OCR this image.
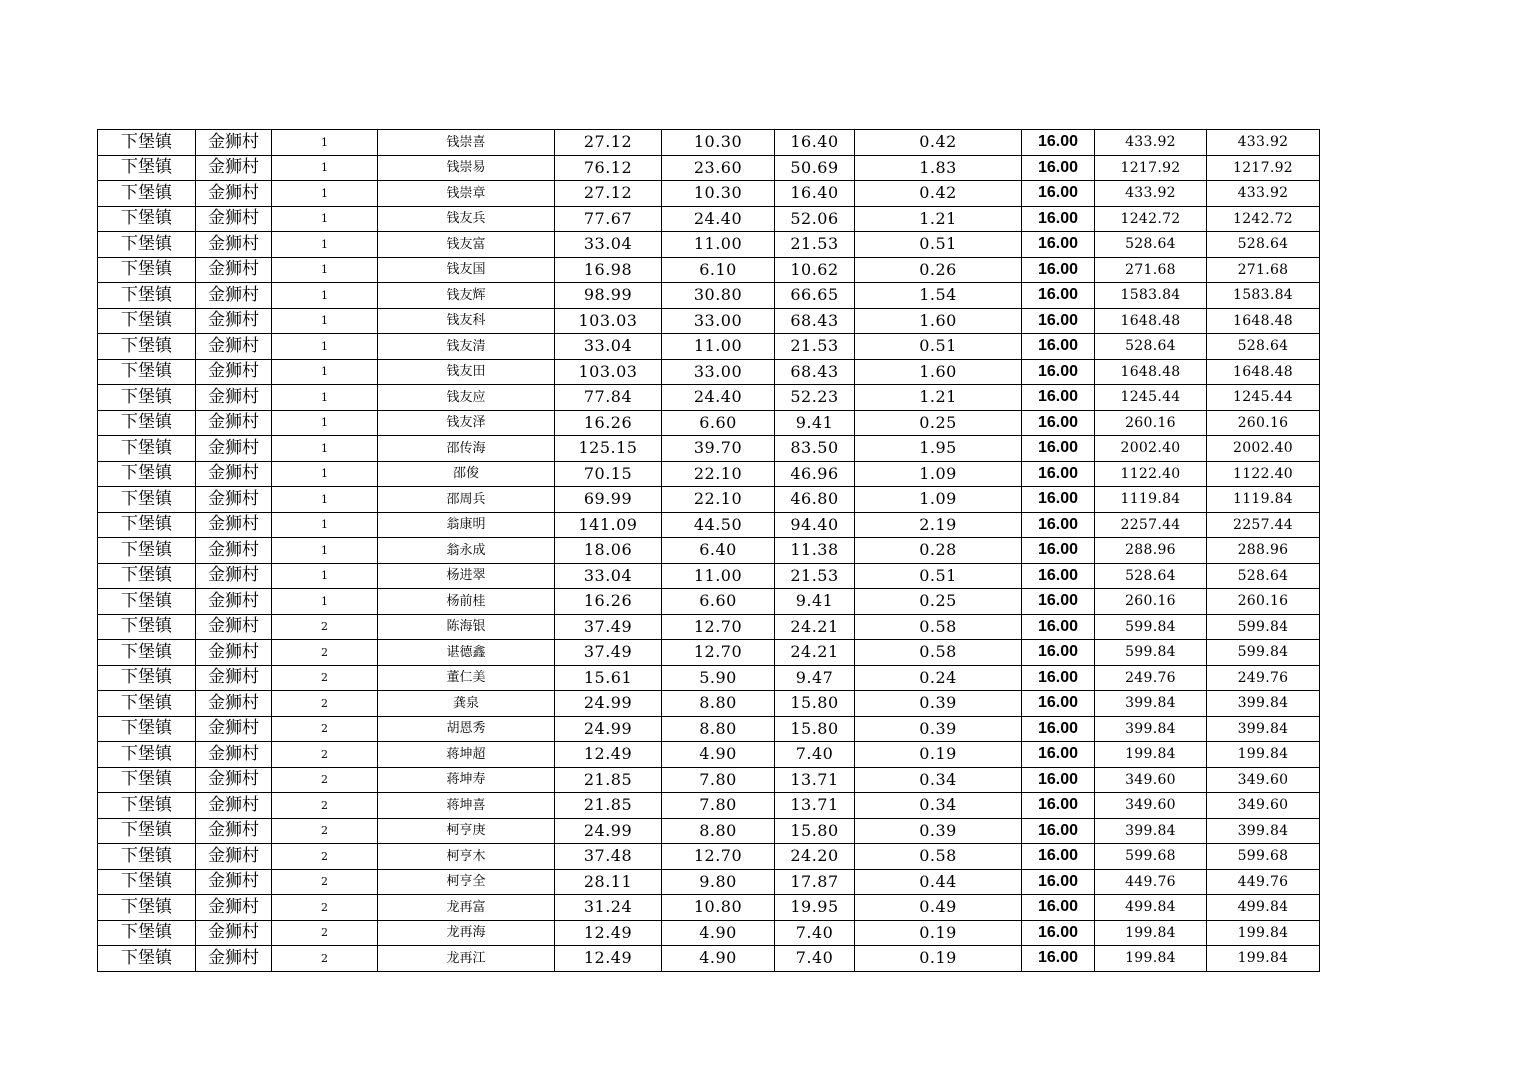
下堡镇	金狮村	1	钱崇喜	27.12	10.30	16.40	0.42	16.00	433.92	433.92
下堡镇	金狮村	1	钱崇易	76.12	23.60	50.69	1.83	16.00	1217.92	1217.92
下堡镇	金狮村	1	钱崇章	27.12	10.30	16.40	0.42	16.00	433.92	433.92
下堡镇	金狮村	1	钱友兵	77.67	24.40	52.06	1.21	16.00	1242.72	1242.72
下堡镇	金狮村	1	钱友富	33.04	11.00	21.53	0.51	16.00	528.64	528.64
下堡镇	金狮村	1	钱友国	16.98	6.10	10.62	0.26	16.00	271.68	271.68
下堡镇	金狮村	1	钱友辉	98.99	30.80	66.65	1.54	16.00	1583.84	1583.84
下堡镇	金狮村	1	钱友科	103.03	33.00	68.43	1.60	16.00	1648.48	1648.48
下堡镇	金狮村	1	钱友清	33.04	11.00	21.53	0.51	16.00	528.64	528.64
下堡镇	金狮村	1	钱友田	103.03	33.00	68.43	1.60	16.00	1648.48	1648.48
下堡镇	金狮村	1	钱友应	77.84	24.40	52.23	1.21	16.00	1245.44	1245.44
下堡镇	金狮村	1	钱友泽	16.26	6.60	9.41	0.25	16.00	260.16	260.16
下堡镇	金狮村	1	邵传海	125.15	39.70	83.50	1.95	16.00	2002.40	2002.40
下堡镇	金狮村	1	邵俊	70.15	22.10	46.96	1.09	16.00	1122.40	1122.40
下堡镇	金狮村	1	邵周兵	69.99	22.10	46.80	1.09	16.00	1119.84	1119.84
下堡镇	金狮村	1	翁康明	141.09	44.50	94.40	2.19	16.00	2257.44	2257.44
下堡镇	金狮村	1	翁永成	18.06	6.40	11.38	0.28	16.00	288.96	288.96
下堡镇	金狮村	1	杨进翠	33.04	11.00	21.53	0.51	16.00	528.64	528.64
下堡镇	金狮村	1	杨前桂	16.26	6.60	9.41	0.25	16.00	260.16	260.16
下堡镇	金狮村	2	陈海银	37.49	12.70	24.21	0.58	16.00	599.84	599.84
下堡镇	金狮村	2	谌德鑫	37.49	12.70	24.21	0.58	16.00	599.84	599.84
下堡镇	金狮村	2	董仁美	15.61	5.90	9.47	0.24	16.00	249.76	249.76
下堡镇	金狮村	2	龚泉	24.99	8.80	15.80	0.39	16.00	399.84	399.84
下堡镇	金狮村	2	胡恩秀	24.99	8.80	15.80	0.39	16.00	399.84	399.84
下堡镇	金狮村	2	蒋坤超	12.49	4.90	7.40	0.19	16.00	199.84	199.84
下堡镇	金狮村	2	蒋坤寿	21.85	7.80	13.71	0.34	16.00	349.60	349.60
下堡镇	金狮村	2	蒋坤喜	21.85	7.80	13.71	0.34	16.00	349.60	349.60
下堡镇	金狮村	2	柯亨庚	24.99	8.80	15.80	0.39	16.00	399.84	399.84
下堡镇	金狮村	2	柯亨木	37.48	12.70	24.20	0.58	16.00	599.68	599.68
下堡镇	金狮村	2	柯亨全	28.11	9.80	17.87	0.44	16.00	449.76	449.76
下堡镇	金狮村	2	龙再富	31.24	10.80	19.95	0.49	16.00	499.84	499.84
下堡镇	金狮村	2	龙再海	12.49	4.90	7.40	0.19	16.00	199.84	199.84
下堡镇	金狮村	2	龙再江	12.49	4.90	7.40	0.19	16.00	199.84	199.84
